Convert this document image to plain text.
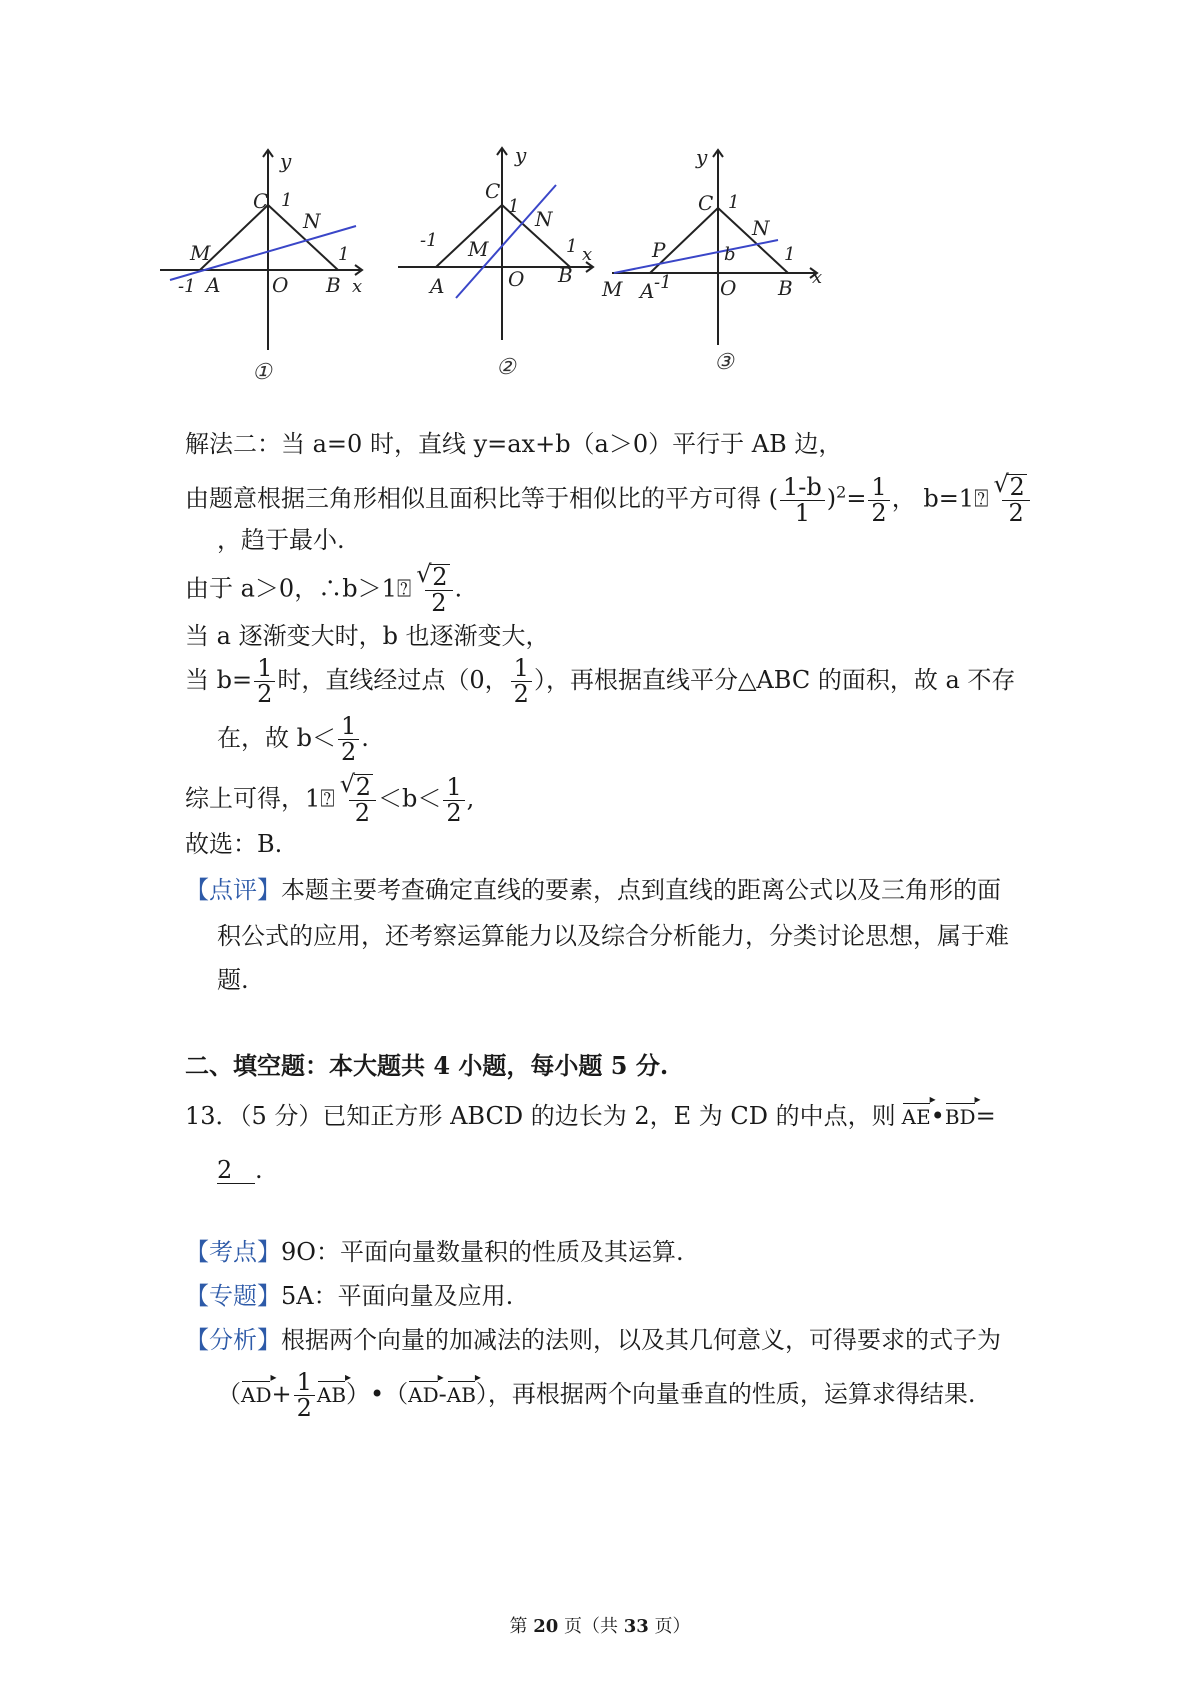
y
C 1
N
M	1
-1 A	O B x
①
y
C
1
N
-1 M	1 x
A	O B
②
y
C 1
N
P	b	1
x
M A -1 O B
③
解法二：当 a=0 时，直线 y=ax+b（a＞0）平行于 AB 边，
由题意根据三角形相似且面积比等于相似比的平方可得 ( $\frac{1-b}{1} )^2= \frac{1}{2}$ ， b=1⍰ √ $\frac{2}{2}$
，趋于最小.
由于 a＞0，∴b＞1⍰ √ $\frac{2}{2}$ .
当 a 逐渐变大时，b 也逐渐变大，
当 $b= \frac{1}{2}$ 时，直线经过点（0， $\frac{1}{2}$ ），再根据直线平分△ABC 的面积，故 a 不存
在，故 $b< \frac{1}{2}$ .
综上可得，1⍰ √ $\frac{2}{2} <b< \frac{1}{2}$ ,
故选：B.
【点评】本题主要考查确定直线的要素，点到直线的距离公式以及三角形的面
积公式的应用，还考察运算能力以及综合分析能力，分类讨论思想，属于难
题.
二、填空题：本大题共 4 小题，每小题 5 分.
13．（5 分）已知正方形 ABCD 的边长为 2，E 为 CD 的中点，则 ▸ AE•▸ BD=
2 .
【考点】9O：平面向量数量积的性质及其运算.
【专题】5A：平面向量及应用.
【分析】根据两个向量的加减法的法则，以及其几何意义，可得要求的式子为
（▸ $AD+ \frac{1}{2}$ ▸ AB）•（▸ AD-▸ AB），再根据两个向量垂直的性质，运算求得结果.
第 20 页（共 33 页）
